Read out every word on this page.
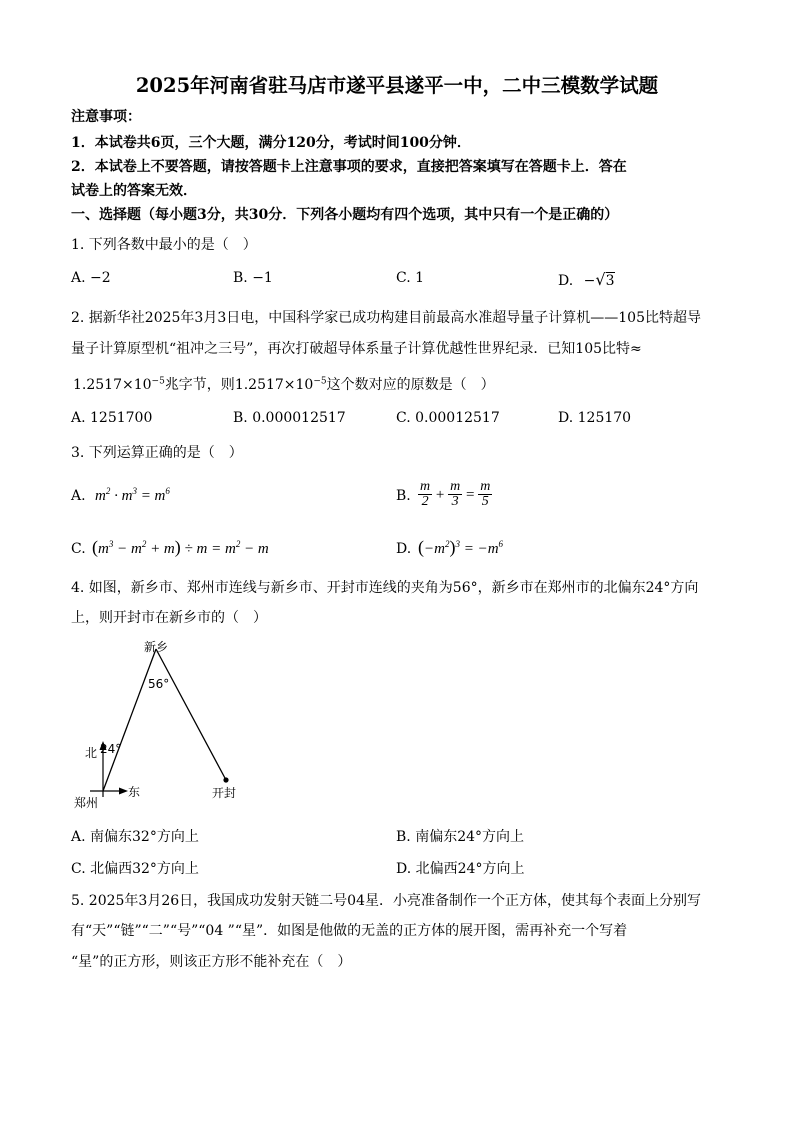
2025年河南省驻马店市遂平县遂平一中，二中三模数学试题
注意事项：
1．本试卷共6页，三个大题，满分120分，考试时间100分钟．
2．本试卷上不要答题，请按答题卡上注意事项的要求，直接把答案填写在答题卡上．答在
试卷上的答案无效．
一、选择题（每小题3分，共30分．下列各小题均有四个选项，其中只有一个是正确的）
1. 下列各数中最小的是（　）
A. −2	B. −1	C. 1	D. −√3
2. 据新华社2025年3月3日电，中国科学家已成功构建目前最高水准超导量子计算机——105比特超导
量子计算原型机“祖冲之三号”，再次打破超导体系量子计算优越性世界纪录．已知105比特≈
$1.2517\times 10^{-5}$兆字节，则$1.2517\times 10^{-5}$这个数对应的原数是（　）
A. 1251700	B. 0.000012517	C. 0.00012517	D. 125170
3. 下列运算正确的是（　）
A. $m^2 \cdot m^3 = m^6$	B. $\frac{m}{2} + \frac{m}{3} = \frac{m}{5}$
C. $(m^3 - m^2 + m) \div m = m^2 - m$	D. $(-m^2)^3 = -m^6$
4. 如图，新乡市、郑州市连线与新乡市、开封市连线的夹角为56°，新乡市在郑州市的北偏东24°方向
上，则开封市在新乡市的（　）
新乡
56°
北 24°
东
郑州
开封
A. 南偏东32°方向上	B. 南偏东24°方向上
C. 北偏西32°方向上	D. 北偏西24°方向上
5. 2025年3月26日，我国成功发射天链二号04星．小亮准备制作一个正方体，使其每个表面上分别写
有“天”“链”“二”“号”“04 ”“星”．如图是他做的无盖的正方体的展开图，需再补充一个写着
“星”的正方形，则该正方形不能补充在（　）
